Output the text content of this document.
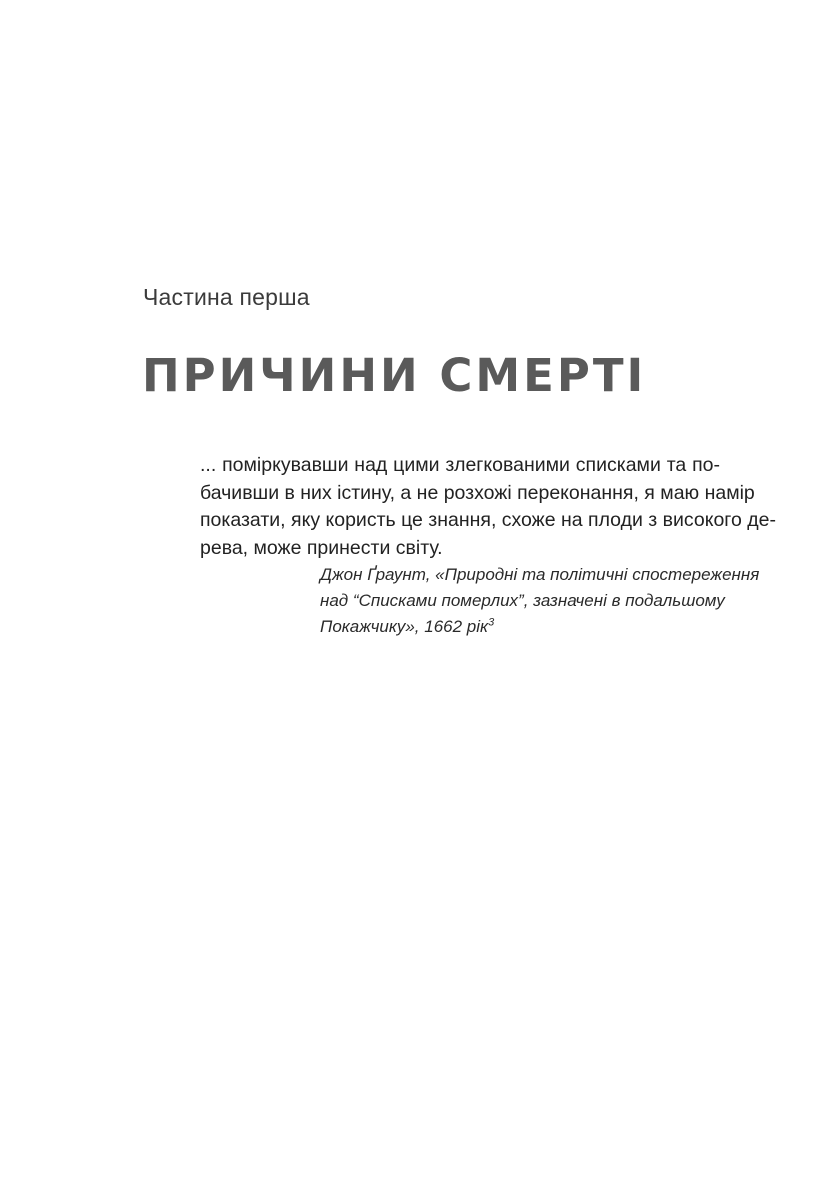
Частина перша
ПРИЧИНИ СМЕРТІ
... поміркувавши над цими злегкованими списками та по-
бачивши в них істину, а не розхожі переконання, я маю намір
показати, яку користь це знання, схоже на плоди з високого де-
рева, може принести світу.
Джон Ґраунт, «Природні та політичні спостереження
над “Списками померлих”, зазначені в подальшому
Покажчику», 1662 рік$^3$
